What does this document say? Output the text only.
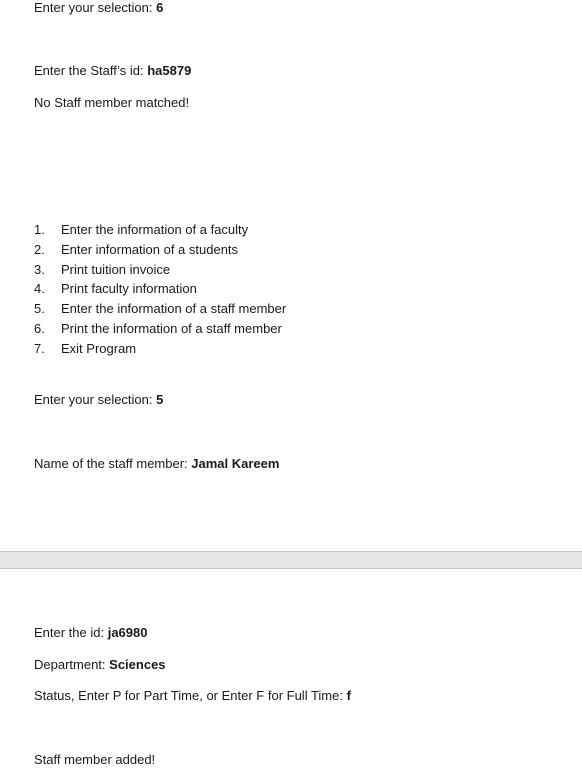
Enter your selection: 6
Enter the Staff’s id: ha5879
No Staff member matched!
1. Enter the information of a faculty
2. Enter information of a students
3. Print tuition invoice
4. Print faculty information
5. Enter the information of a staff member
6. Print the information of a staff member
7. Exit Program
Enter your selection: 5
Name of the staff member: Jamal Kareem
Enter the id: ja6980
Department: Sciences
Status, Enter P for Part Time, or Enter F for Full Time: f
Staff member added!
